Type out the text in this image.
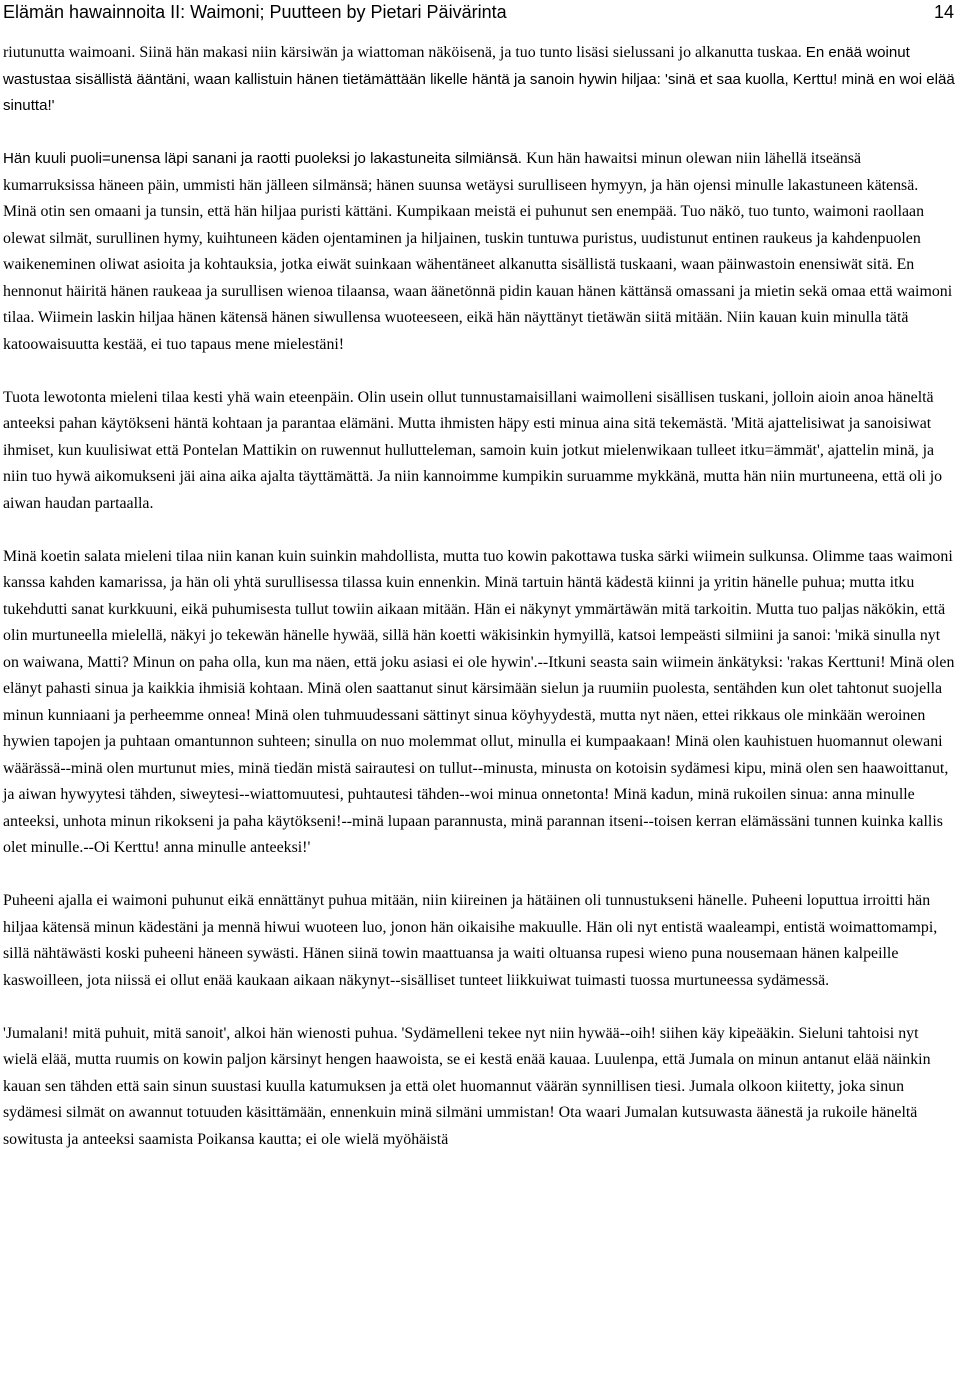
Elämän hawainnoita II: Waimoni; Puutteen by Pietari Päivärinta	14

riutunutta waimoani. Siinä hän makasi niin kärsiwän ja wiattoman näköisenä, ja tuo tunto lisäsi sielussani jo alkanutta tuskaa. En enää woinut wastustaa sisällistä ääntäni, waan kallistuin hänen tietämättään likelle häntä ja sanoin hywin hiljaa: 'sinä et saa kuolla, Kerttu! minä en woi elää sinutta!'

Hän kuuli puoli=unensa läpi sanani ja raotti puoleksi jo lakastuneita silmiänsä. Kun hän hawaitsi minun olewan niin lähellä itseänsä kumarruksissa häneen päin, ummisti hän jälleen silmänsä; hänen suunsa wetäysi surulliseen hymyyn, ja hän ojensi minulle lakastuneen kätensä. Minä otin sen omaani ja tunsin, että hän hiljaa puristi kättäni. Kumpikaan meistä ei puhunut sen enempää. Tuo näkö, tuo tunto, waimoni raollaan olewat silmät, surullinen hymy, kuihtuneen käden ojentaminen ja hiljainen, tuskin tuntuwa puristus, uudistunut entinen raukeus ja kahdenpuolen waikeneminen oliwat asioita ja kohtauksia, jotka eiwät suinkaan wähentäneet alkanutta sisällistä tuskaani, waan päinwastoin enensiwät sitä. En hennonut häiritä hänen raukeaa ja surullisen wienoa tilaansa, waan äänetönnä pidin kauan hänen kättänsä omassani ja mietin sekä omaa että waimoni tilaa. Wiimein laskin hiljaa hänen kätensä hänen siwullensa wuoteeseen, eikä hän näyttänyt tietäwän siitä mitään. Niin kauan kuin minulla tätä katoowaisuutta kestää, ei tuo tapaus mene mielestäni!

Tuota lewotonta mieleni tilaa kesti yhä wain eteenpäin. Olin usein ollut tunnustamaisillani waimolleni sisällisen tuskani, jolloin aioin anoa häneltä anteeksi pahan käytökseni häntä kohtaan ja parantaa elämäni. Mutta ihmisten häpy esti minua aina sitä tekemästä. 'Mitä ajattelisiwat ja sanoisiwat ihmiset, kun kuulisiwat että Pontelan Mattikin on ruwennut hullutteleman, samoin kuin jotkut mielenwikaan tulleet itku=ämmät', ajattelin minä, ja niin tuo hywä aikomukseni jäi aina aika ajalta täyttämättä. Ja niin kannoimme kumpikin suruamme mykkänä, mutta hän niin murtuneena, että oli jo aiwan haudan partaalla.

Minä koetin salata mieleni tilaa niin kanan kuin suinkin mahdollista, mutta tuo kowin pakottawa tuska särki wiimein sulkunsa. Olimme taas waimoni kanssa kahden kamarissa, ja hän oli yhtä surullisessa tilassa kuin ennenkin. Minä tartuin häntä kädestä kiinni ja yritin hänelle puhua; mutta itku tukehdutti sanat kurkkuuni, eikä puhumisesta tullut towiin aikaan mitään. Hän ei näkynyt ymmärtäwän mitä tarkoitin. Mutta tuo paljas näkökin, että olin murtuneella mielellä, näkyi jo tekewän hänelle hywää, sillä hän koetti wäkisinkin hymyillä, katsoi lempeästi silmiini ja sanoi: 'mikä sinulla nyt on waiwana, Matti? Minun on paha olla, kun ma näen, että joku asiasi ei ole hywin'.--Itkuni seasta sain wiimein änkätyksi: 'rakas Kerttuni! Minä olen elänyt pahasti sinua ja kaikkia ihmisiä kohtaan. Minä olen saattanut sinut kärsimään sielun ja ruumiin puolesta, sentähden kun olet tahtonut suojella minun kunniaani ja perheemme onnea! Minä olen tuhmuudessani sättinyt sinua köyhyydestä, mutta nyt näen, ettei rikkaus ole minkään weroinen hywien tapojen ja puhtaan omantunnon suhteen; sinulla on nuo molemmat ollut, minulla ei kumpaakaan! Minä olen kauhistuen huomannut olewani wäärässä--minä olen murtunut mies, minä tiedän mistä sairautesi on tullut--minusta, minusta on kotoisin sydämesi kipu, minä olen sen haawoittanut, ja aiwan hywyytesi tähden, siweytesi--wiattomuutesi, puhtautesi tähden--woi minua onnetonta! Minä kadun, minä rukoilen sinua: anna minulle anteeksi, unhota minun rikokseni ja paha käytökseni!--minä lupaan parannusta, minä parannan itseni--toisen kerran elämässäni tunnen kuinka kallis olet minulle.--Oi Kerttu! anna minulle anteeksi!'

Puheeni ajalla ei waimoni puhunut eikä ennättänyt puhua mitään, niin kiireinen ja hätäinen oli tunnustukseni hänelle. Puheeni loputtua irroitti hän hiljaa kätensä minun kädestäni ja mennä hiwui wuoteen luo, jonon hän oikaisihe makuulle. Hän oli nyt entistä waaleampi, entistä woimattomampi, sillä nähtäwästi koski puheeni häneen sywästi. Hänen siinä towin maattuansa ja waiti oltuansa rupesi wieno puna nousemaan hänen kalpeille kaswoilleen, jota niissä ei ollut enää kaukaan aikaan näkynyt--sisälliset tunteet liikkuiwat tuimasti tuossa murtuneessa sydämessä.

'Jumalani! mitä puhuit, mitä sanoit', alkoi hän wienosti puhua. 'Sydämelleni tekee nyt niin hywää--oih! siihen käy kipeääkin. Sieluni tahtoisi nyt wielä elää, mutta ruumis on kowin paljon kärsinyt hengen haawoista, se ei kestä enää kauaa. Luulenpa, että Jumala on minun antanut elää näinkin kauan sen tähden että sain sinun suustasi kuulla katumuksen ja että olet huomannut väärän synnillisen tiesi. Jumala olkoon kiitetty, joka sinun sydämesi silmät on awannut totuuden käsittämään, ennenkuin minä silmäni ummistan! Ota waari Jumalan kutsuwasta äänestä ja rukoile häneltä sowitusta ja anteeksi saamista Poikansa kautta; ei ole wielä myöhäistä
